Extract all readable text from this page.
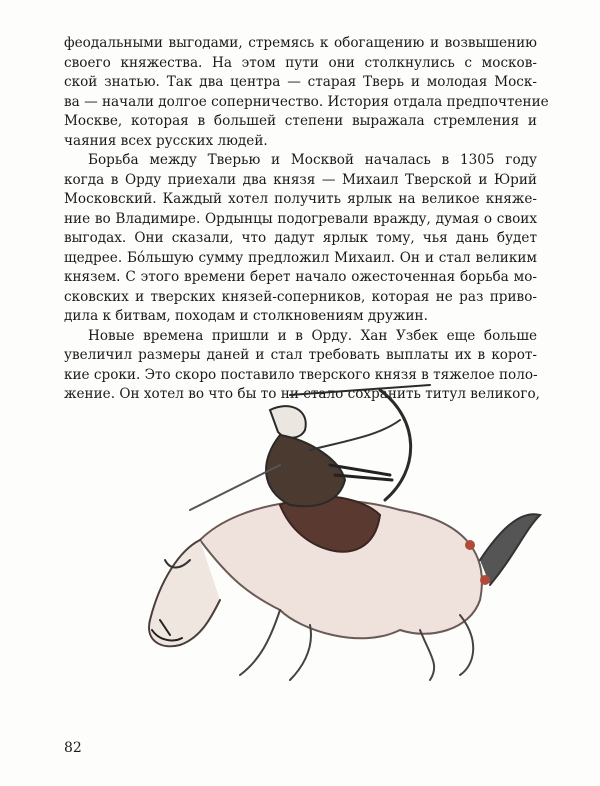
феодальными выгодами, стремясь к обогащению и возвышению
своего княжества. На этом пути они столкнулись с москов-
ской знатью. Так два центра — старая Тверь и молодая Моск-
ва — начали долгое соперничество. История отдала предпочтение
Москве, которая в большей степени выражала стремления и
чаяния всех русских людей.
Борьба между Тверью и Москвой началась в 1305 году
когда в Орду приехали два князя — Михаил Тверской и Юрий
Московский. Каждый хотел получить ярлык на великое княже-
ние во Владимире. Ордынцы подогревали вражду, думая о своих
выгодах. Они сказали, что дадут ярлык тому, чья дань будет
щедрее. Бóльшую сумму предложил Михаил. Он и стал великим
князем. С этого времени берет начало ожесточенная борьба мо-
сковских и тверских князей-соперников, которая не раз приво-
дила к битвам, походам и столкновениям дружин.
Новые времена пришли и в Орду. Хан Узбек еще больше
увеличил размеры даней и стал требовать выплаты их в корот-
кие сроки. Это скоро поставило тверского князя в тяжелое поло-
жение. Он хотел во что бы то ни стало сохранить титул великого,
82
